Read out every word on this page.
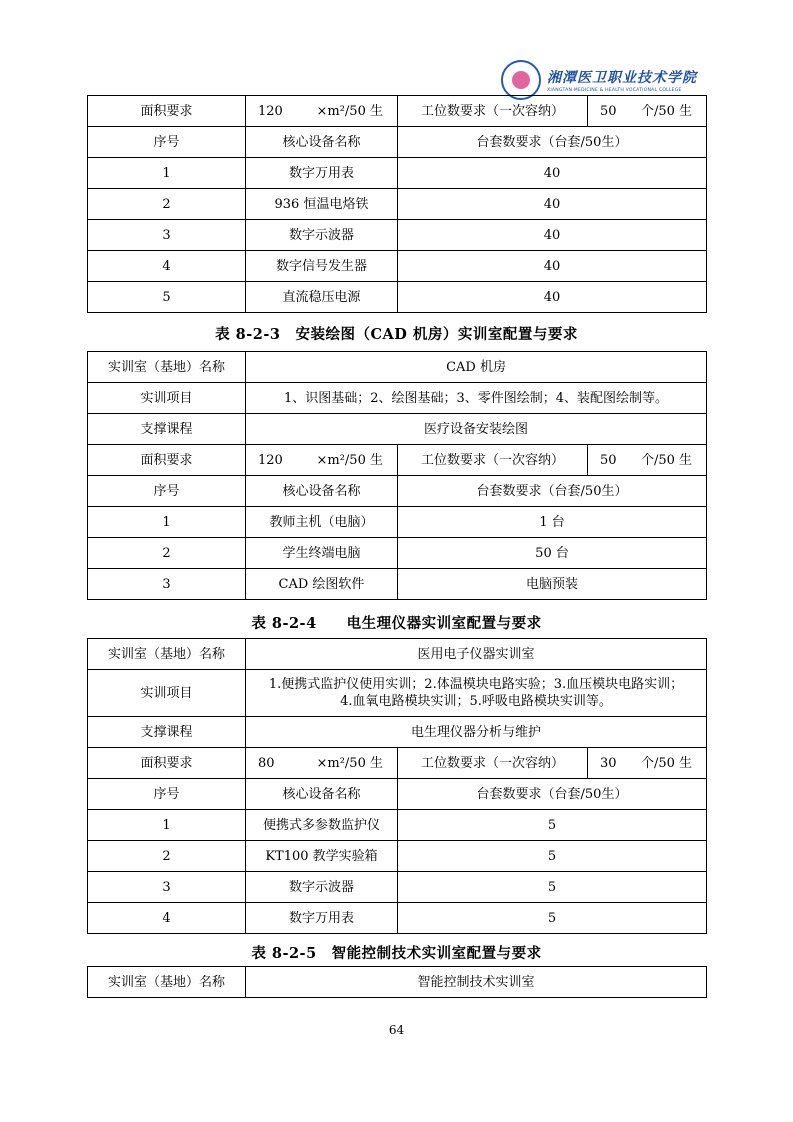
湘潭医卫职业技术学院
XIANGTAN MEDICINE & HEALTH VOCATIONAL COLLEGE
面积要求	120 ×m²/50 生	工位数要求（一次容纳）	50 个/50 生

序号	核心设备名称	台套数要求（台套/50生）	
1	数字万用表	40	
2	936 恒温电烙铁	40	
3	数字示波器	40	
4	数字信号发生器	40	
5	直流稳压电源	40	
表 8-2-3　安装绘图（CAD 机房）实训室配置与要求
实训室（基地）名称	CAD 机房		
实训项目	1、识图基础；2、绘图基础；3、零件图绘制；4、装配图绘制等。		
支撑课程	医疗设备安装绘图		
面积要求	120 ×m²/50 生	工位数要求（一次容纳）	50 个/50 生

序号	核心设备名称	台套数要求（台套/50生）	
1	教师主机（电脑）	1 台	
2	学生终端电脑	50 台	
3	CAD 绘图软件	电脑预装	
表 8-2-4　　电生理仪器实训室配置与要求
实训室（基地）名称	医用电子仪器实训室		
实训项目	1.便携式监护仪使用实训；2.体温模块电路实验；3.血压模块电路实训；
4.血氧电路模块实训；5.呼吸电路模块实训等。		

支撑课程	电生理仪器分析与维护		
面积要求	80 ×m²/50 生	工位数要求（一次容纳）	30 个/50 生

序号	核心设备名称	台套数要求（台套/50生）	
1	便携式多参数监护仪	5	
2	KT100 教学实验箱	5	
3	数字示波器	5	
4	数字万用表	5	
表 8-2-5　智能控制技术实训室配置与要求
实训室（基地）名称	智能控制技术实训室
64
